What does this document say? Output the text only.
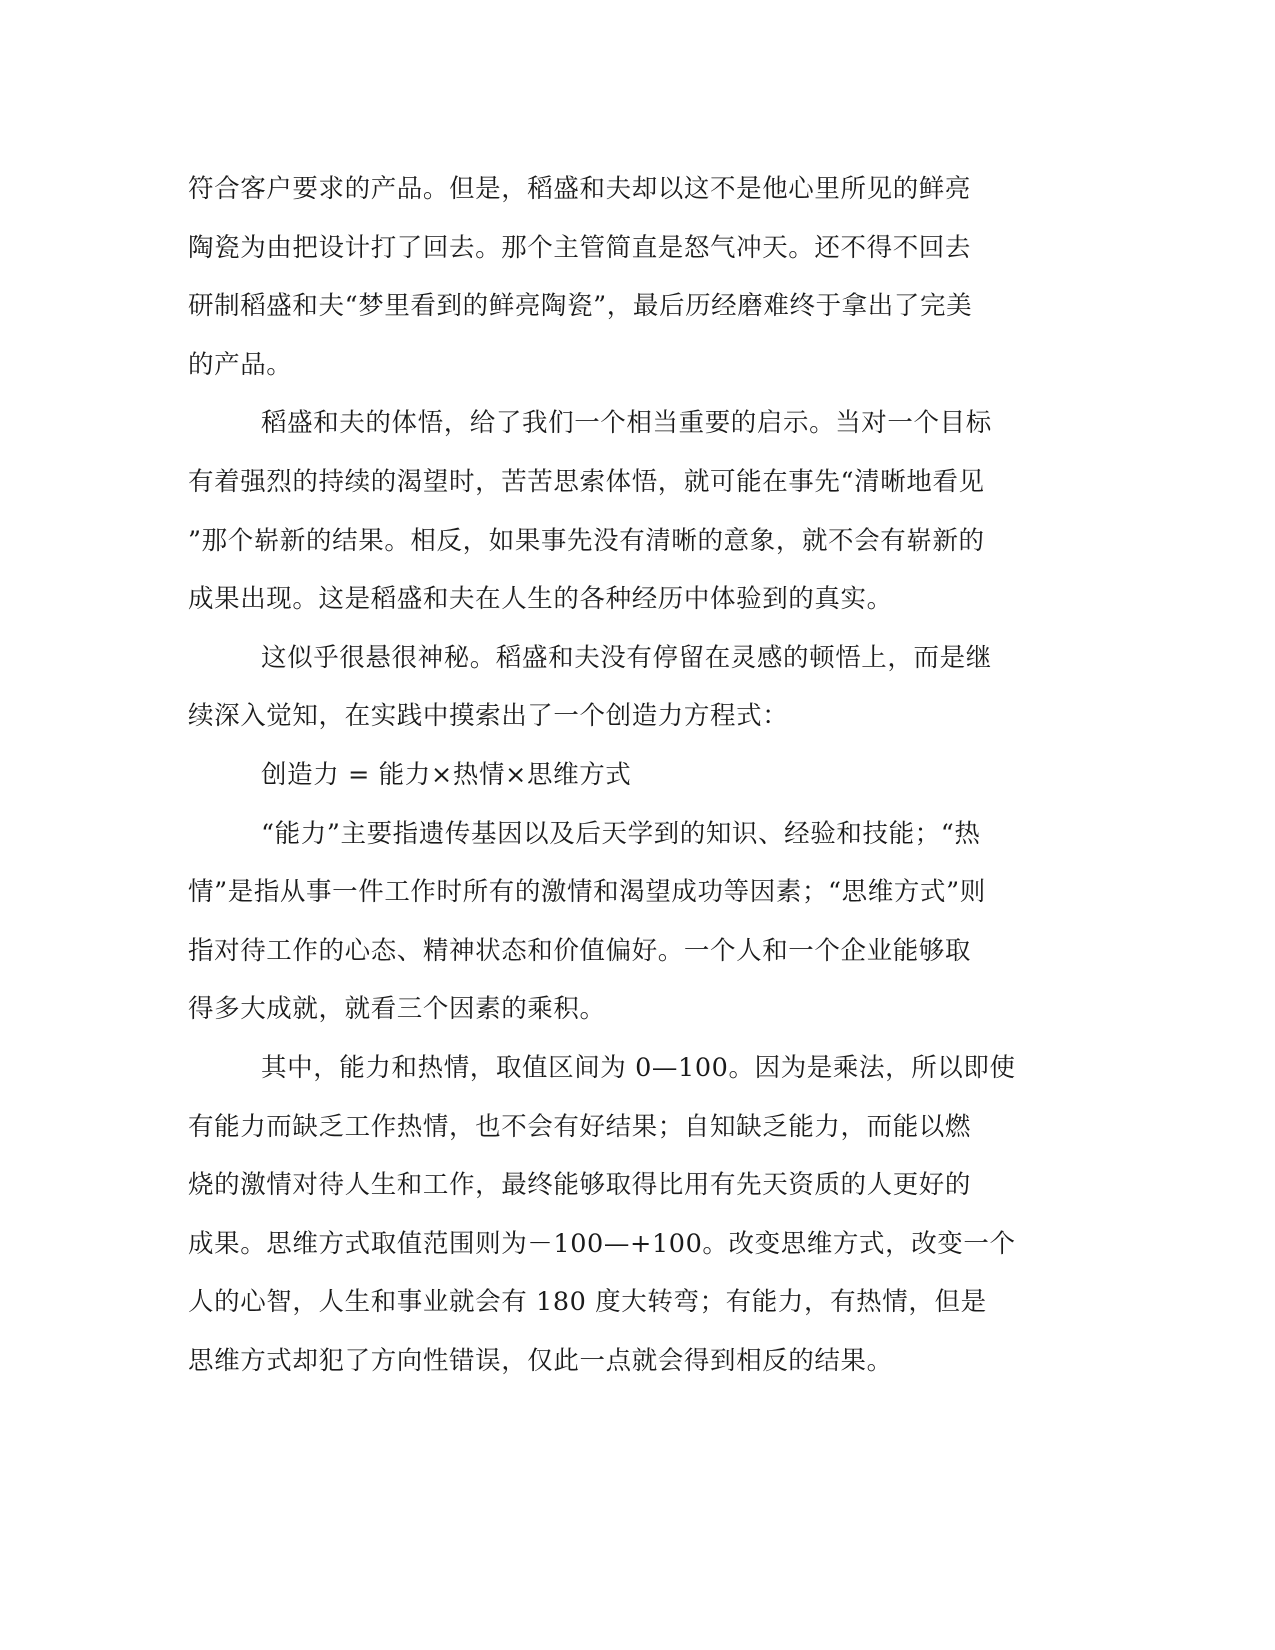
符合客户要求的产品。但是，稻盛和夫却以这不是他心里所见的鲜亮
陶瓷为由把设计打了回去。那个主管简直是怒气冲天。还不得不回去
研制稻盛和夫“梦里看到的鲜亮陶瓷”，最后历经磨难终于拿出了完美
的产品。
稻盛和夫的体悟，给了我们一个相当重要的启示。当对一个目标
有着强烈的持续的渴望时，苦苦思索体悟，就可能在事先“清晰地看见
”那个崭新的结果。相反，如果事先没有清晰的意象，就不会有崭新的
成果出现。这是稻盛和夫在人生的各种经历中体验到的真实。
这似乎很悬很神秘。稻盛和夫没有停留在灵感的顿悟上，而是继
续深入觉知，在实践中摸索出了一个创造力方程式：
创造力 = 能力×热情×思维方式
“能力”主要指遗传基因以及后天学到的知识、经验和技能；“热
情”是指从事一件工作时所有的激情和渴望成功等因素；“思维方式”则
指对待工作的心态、精神状态和价值偏好。一个人和一个企业能够取
得多大成就，就看三个因素的乘积。
其中，能力和热情，取值区间为 0—100。因为是乘法，所以即使
有能力而缺乏工作热情，也不会有好结果；自知缺乏能力，而能以燃
烧的激情对待人生和工作，最终能够取得比用有先天资质的人更好的
成果。思维方式取值范围则为－100—+100。改变思维方式，改变一个
人的心智，人生和事业就会有 180 度大转弯；有能力，有热情，但是
思维方式却犯了方向性错误，仅此一点就会得到相反的结果。
